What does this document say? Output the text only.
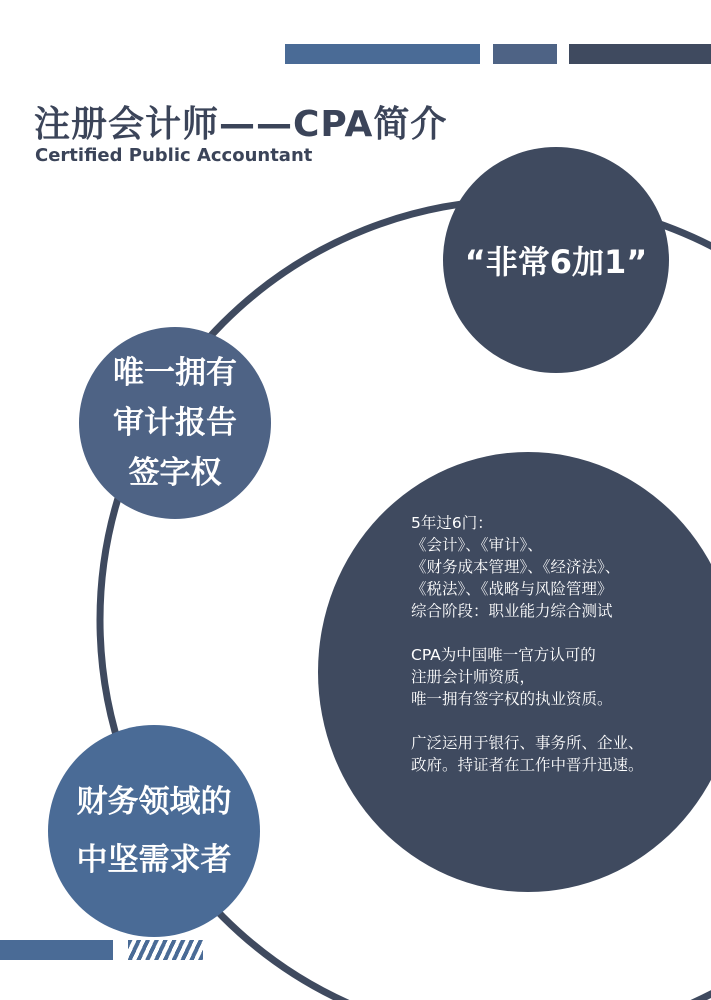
注册会计师——CPA简介
Certified Public Accountant
“非常6加1”
唯一拥有
审计报告
签字权
财务领域的
中坚需求者
5年过6门：
《会计》、《审计》、
《财务成本管理》、《经济法》、
《税法》、《战略与风险管理》
综合阶段：职业能力综合测试
CPA为中国唯一官方认可的
注册会计师资质，
唯一拥有签字权的执业资质。
广泛运用于银行、事务所、企业、
政府。持证者在工作中晋升迅速。
